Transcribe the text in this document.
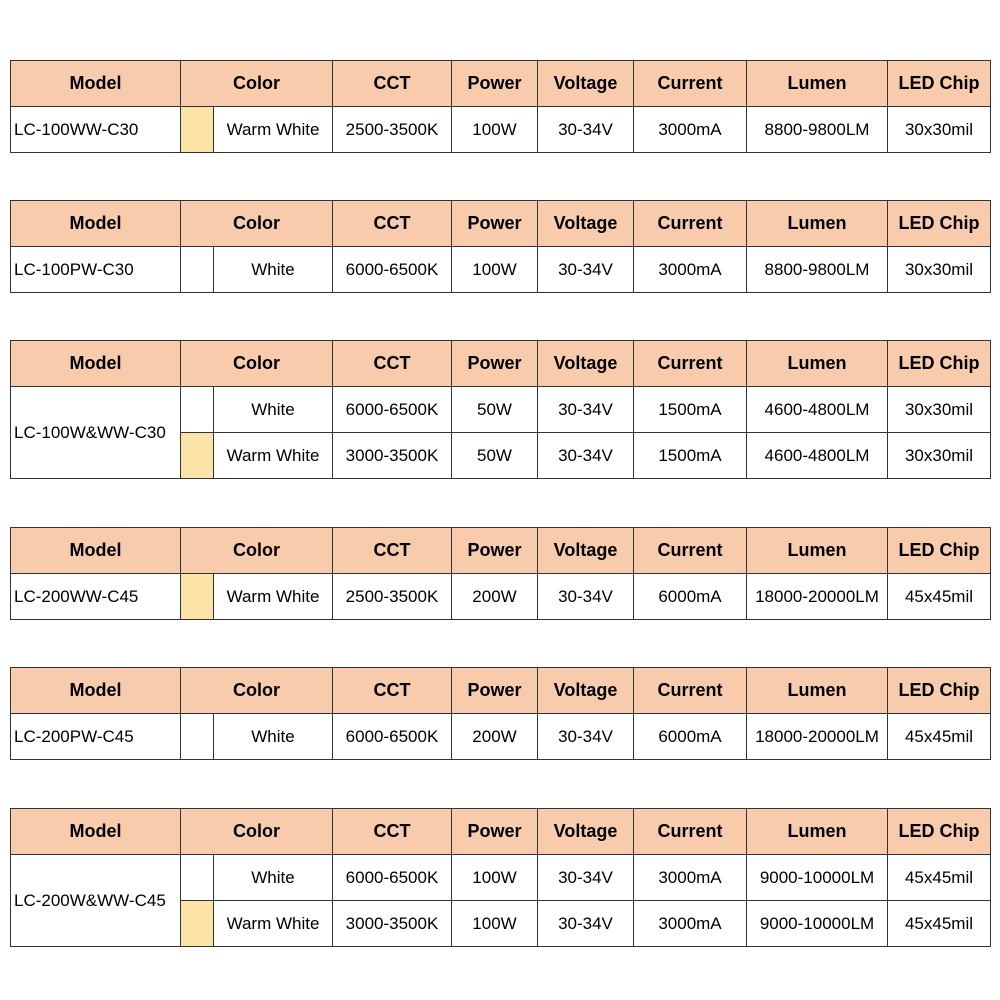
Model	Color		CCT	Power	Voltage	Current	Lumen	LED Chip
LC-100WW-C30		Warm White	2500-3500K	100W	30-34V	3000mA	8800-9800LM	30x30mil
Model	Color		CCT	Power	Voltage	Current	Lumen	LED Chip
LC-100PW-C30		White	6000-6500K	100W	30-34V	3000mA	8800-9800LM	30x30mil
Model	Color		CCT	Power	Voltage	Current	Lumen	LED Chip
LC-100W&WW-C30		White	6000-6500K	50W	30-34V	1500mA	4600-4800LM	30x30mil
		Warm White	3000-3500K	50W	30-34V	1500mA	4600-4800LM	30x30mil
Model	Color		CCT	Power	Voltage	Current	Lumen	LED Chip
LC-200WW-C45		Warm White	2500-3500K	200W	30-34V	6000mA	18000-20000LM	45x45mil
Model	Color		CCT	Power	Voltage	Current	Lumen	LED Chip
LC-200PW-C45		White	6000-6500K	200W	30-34V	6000mA	18000-20000LM	45x45mil
Model	Color		CCT	Power	Voltage	Current	Lumen	LED Chip
LC-200W&WW-C45		White	6000-6500K	100W	30-34V	3000mA	9000-10000LM	45x45mil
		Warm White	3000-3500K	100W	30-34V	3000mA	9000-10000LM	45x45mil
